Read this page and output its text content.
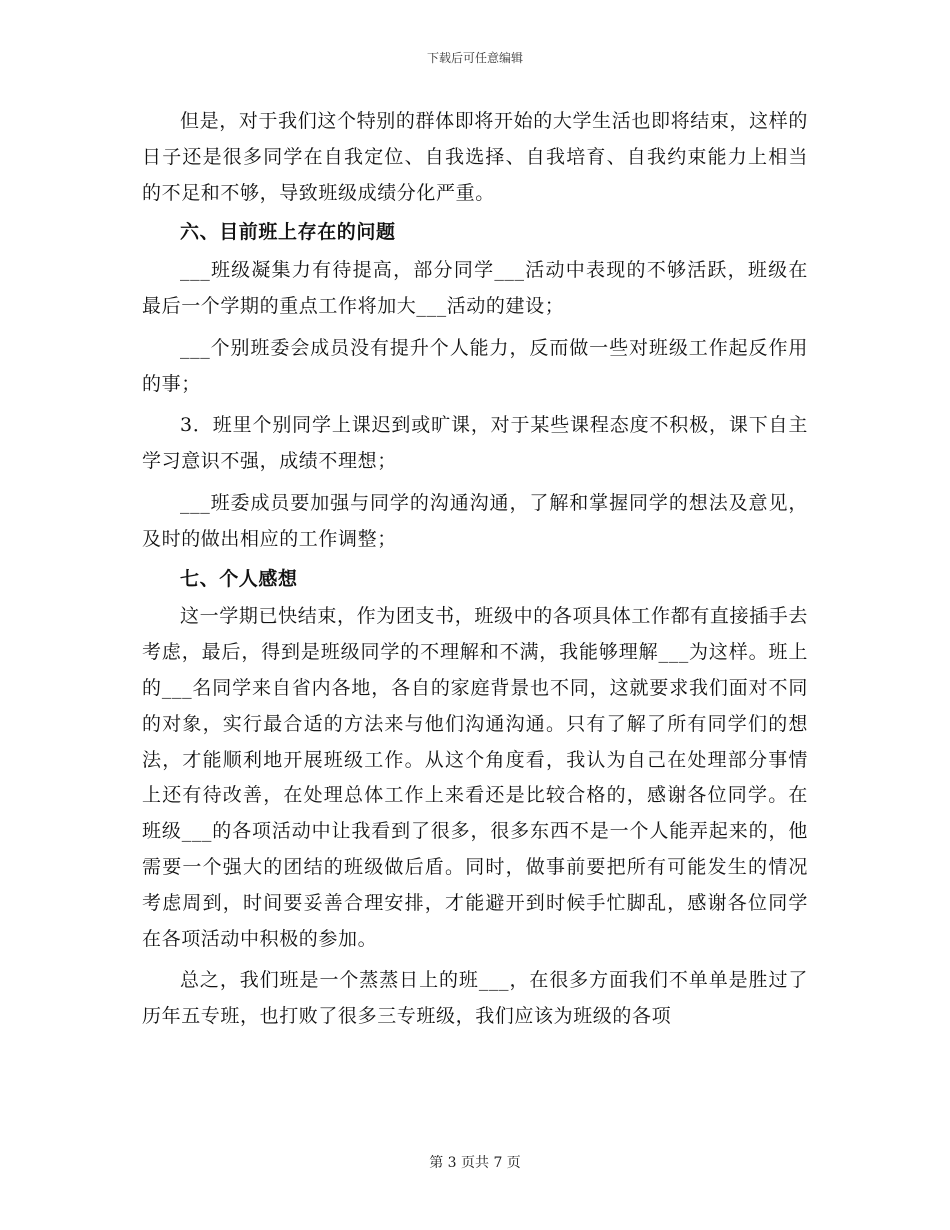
下载后可任意编辑

但是，对于我们这个特别的群体即将开始的大学生活也即将结束，这样的日子还是很多同学在自我定位、自我选择、自我培育、自我约束能力上相当的不足和不够，导致班级成绩分化严重。

六、目前班上存在的问题

___班级凝集力有待提高，部分同学___活动中表现的不够活跃，班级在最后一个学期的重点工作将加大___活动的建设；

___个别班委会成员没有提升个人能力，反而做一些对班级工作起反作用的事；

3．班里个别同学上课迟到或旷课，对于某些课程态度不积极，课下自主学习意识不强，成绩不理想；

___班委成员要加强与同学的沟通沟通，了解和掌握同学的想法及意见，及时的做出相应的工作调整；

七、个人感想

这一学期已快结束，作为团支书，班级中的各项具体工作都有直接插手去考虑，最后，得到是班级同学的不理解和不满，我能够理解___为这样。班上的___名同学来自省内各地，各自的家庭背景也不同，这就要求我们面对不同的对象，实行最合适的方法来与他们沟通沟通。只有了解了所有同学们的想法，才能顺利地开展班级工作。从这个角度看，我认为自己在处理部分事情上还有待改善，在处理总体工作上来看还是比较合格的，感谢各位同学。在班级___的各项活动中让我看到了很多，很多东西不是一个人能弄起来的，他需要一个强大的团结的班级做后盾。同时，做事前要把所有可能发生的情况考虑周到，时间要妥善合理安排，才能避开到时候手忙脚乱，感谢各位同学在各项活动中积极的参加。

总之，我们班是一个蒸蒸日上的班___，在很多方面我们不单单是胜过了历年五专班，也打败了很多三专班级，我们应该为班级的各项

第 3 页共 7 页
